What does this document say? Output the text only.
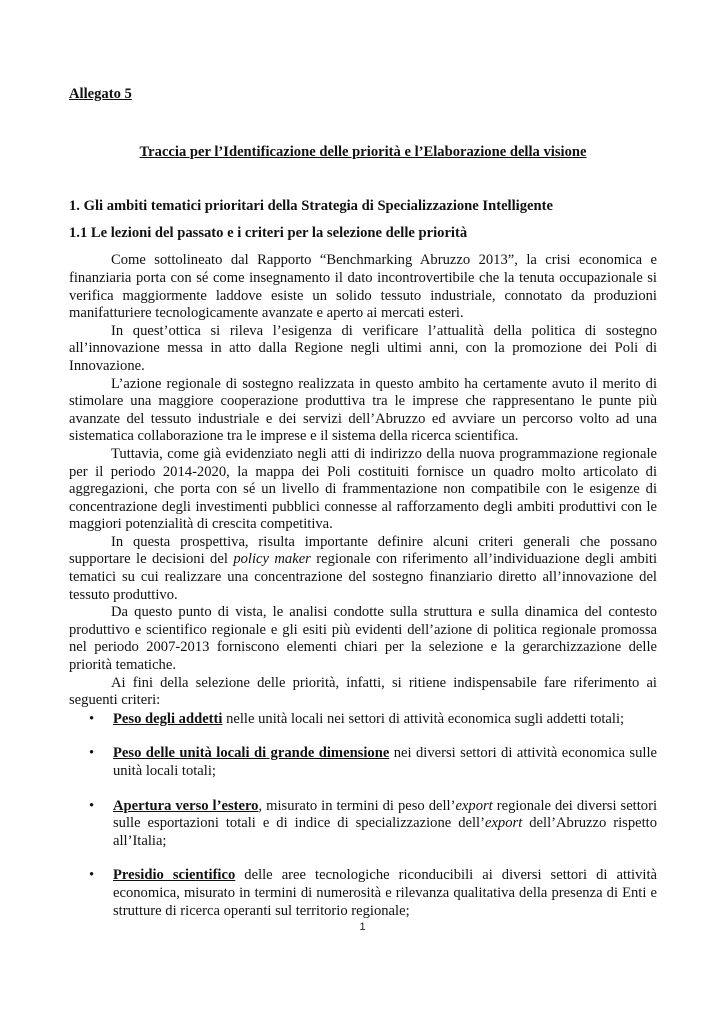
Allegato 5

Traccia per l’Identificazione delle priorità e l’Elaborazione della visione

1. Gli ambiti tematici prioritari della Strategia di Specializzazione Intelligente

1.1 Le lezioni del passato e i criteri per la selezione delle priorità

Come sottolineato dal Rapporto “Benchmarking Abruzzo 2013”, la crisi economica e finanziaria porta con sé come insegnamento il dato incontrovertibile che la tenuta occupazionale si verifica maggiormente laddove esiste un solido tessuto industriale, connotato da produzioni manifatturiere tecnologicamente avanzate e aperto ai mercati esteri.

In quest’ottica si rileva l’esigenza di verificare l’attualità della politica di sostegno all’innovazione messa in atto dalla Regione negli ultimi anni, con la promozione dei Poli di Innovazione.

L’azione regionale di sostegno realizzata in questo ambito ha certamente avuto il merito di stimolare una maggiore cooperazione produttiva tra le imprese che rappresentano le punte più avanzate del tessuto industriale e dei servizi dell’Abruzzo ed avviare un percorso volto ad una sistematica collaborazione tra le imprese e il sistema della ricerca scientifica.

Tuttavia, come già evidenziato negli atti di indirizzo della nuova programmazione regionale per il periodo 2014-2020, la mappa dei Poli costituiti fornisce un quadro molto articolato di aggregazioni, che porta con sé un livello di frammentazione non compatibile con le esigenze di concentrazione degli investimenti pubblici connesse al rafforzamento degli ambiti produttivi con le maggiori potenzialità di crescita competitiva.

In questa prospettiva, risulta importante definire alcuni criteri generali che possano supportare le decisioni del policy maker regionale con riferimento all’individuazione degli ambiti tematici su cui realizzare una concentrazione del sostegno finanziario diretto all’innovazione del tessuto produttivo.

Da questo punto di vista, le analisi condotte sulla struttura e sulla dinamica del contesto produttivo e scientifico regionale e gli esiti più evidenti dell’azione di politica regionale promossa nel periodo 2007-2013 forniscono elementi chiari per la selezione e la gerarchizzazione delle priorità tematiche.

Ai fini della selezione delle priorità, infatti, si ritiene indispensabile fare riferimento ai seguenti criteri:

• Peso degli addetti nelle unità locali nei settori di attività economica sugli addetti totali;
• Peso delle unità locali di grande dimensione nei diversi settori di attività economica sulle unità locali totali;
• Apertura verso l’estero, misurato in termini di peso dell’export regionale dei diversi settori sulle esportazioni totali e di indice di specializzazione dell’export dell’Abruzzo rispetto all’Italia;
• Presidio scientifico delle aree tecnologiche riconducibili ai diversi settori di attività economica, misurato in termini di numerosità e rilevanza qualitativa della presenza di Enti e strutture di ricerca operanti sul territorio regionale;
1
